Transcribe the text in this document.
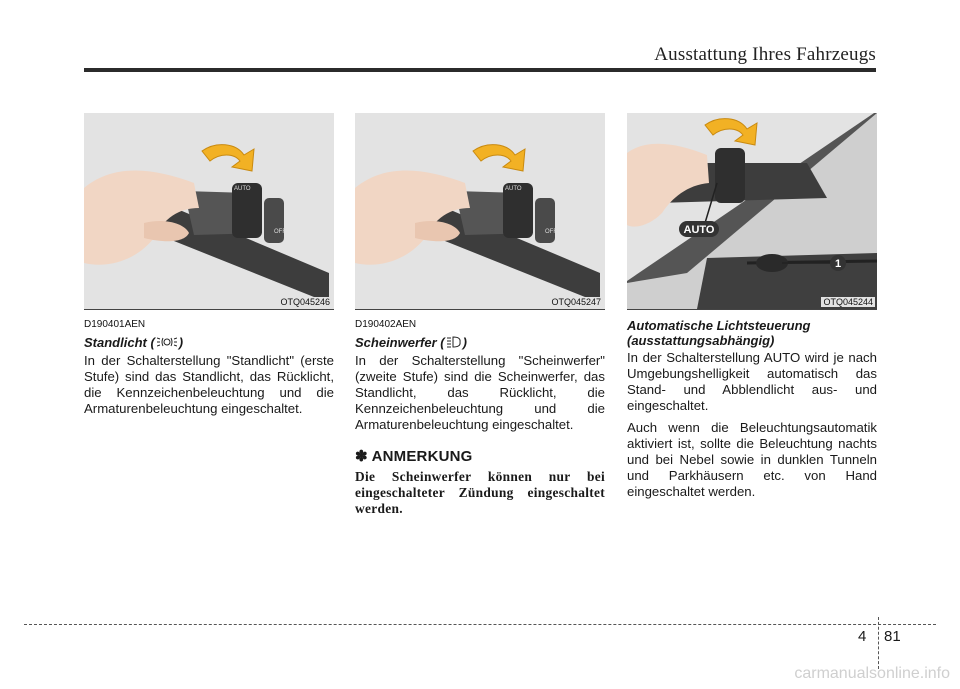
Ausstattung Ihres Fahrzeugs
AUTO
OFF
OTQ045246
D190401AEN
Standlicht ( )
In der Schalterstellung "Standlicht" (erste Stufe) sind das Standlicht, das Rücklicht, die Kennzeichenbeleuchtung und die Armaturenbeleuchtung eingeschaltet.
AUTO
OFF
OTQ045247
D190402AEN
Scheinwerfer ( )
In der Schalterstellung "Scheinwerfer" (zweite Stufe) sind die Scheinwerfer, das Standlicht, das Rücklicht, die Kennzeichenbeleuchtung und die Armaturenbeleuchtung eingeschaltet.
✽ ANMERKUNG
Die Scheinwerfer können nur bei eingeschalteter Zündung eingeschaltet werden.
AUTO
1
OTQ045244
Automatische Lichtsteuerung
(ausstattungsabhängig)
In der Schalterstellung AUTO wird je nach Umgebungshelligkeit automatisch das Stand- und Abblendlicht aus- und eingeschaltet.
Auch wenn die Beleuchtungsautomatik aktiviert ist, sollte die Beleuchtung nachts und bei Nebel sowie in dunklen Tunneln und Parkhäusern etc. von Hand eingeschaltet werden.
4 81
carmanualsonline.info
